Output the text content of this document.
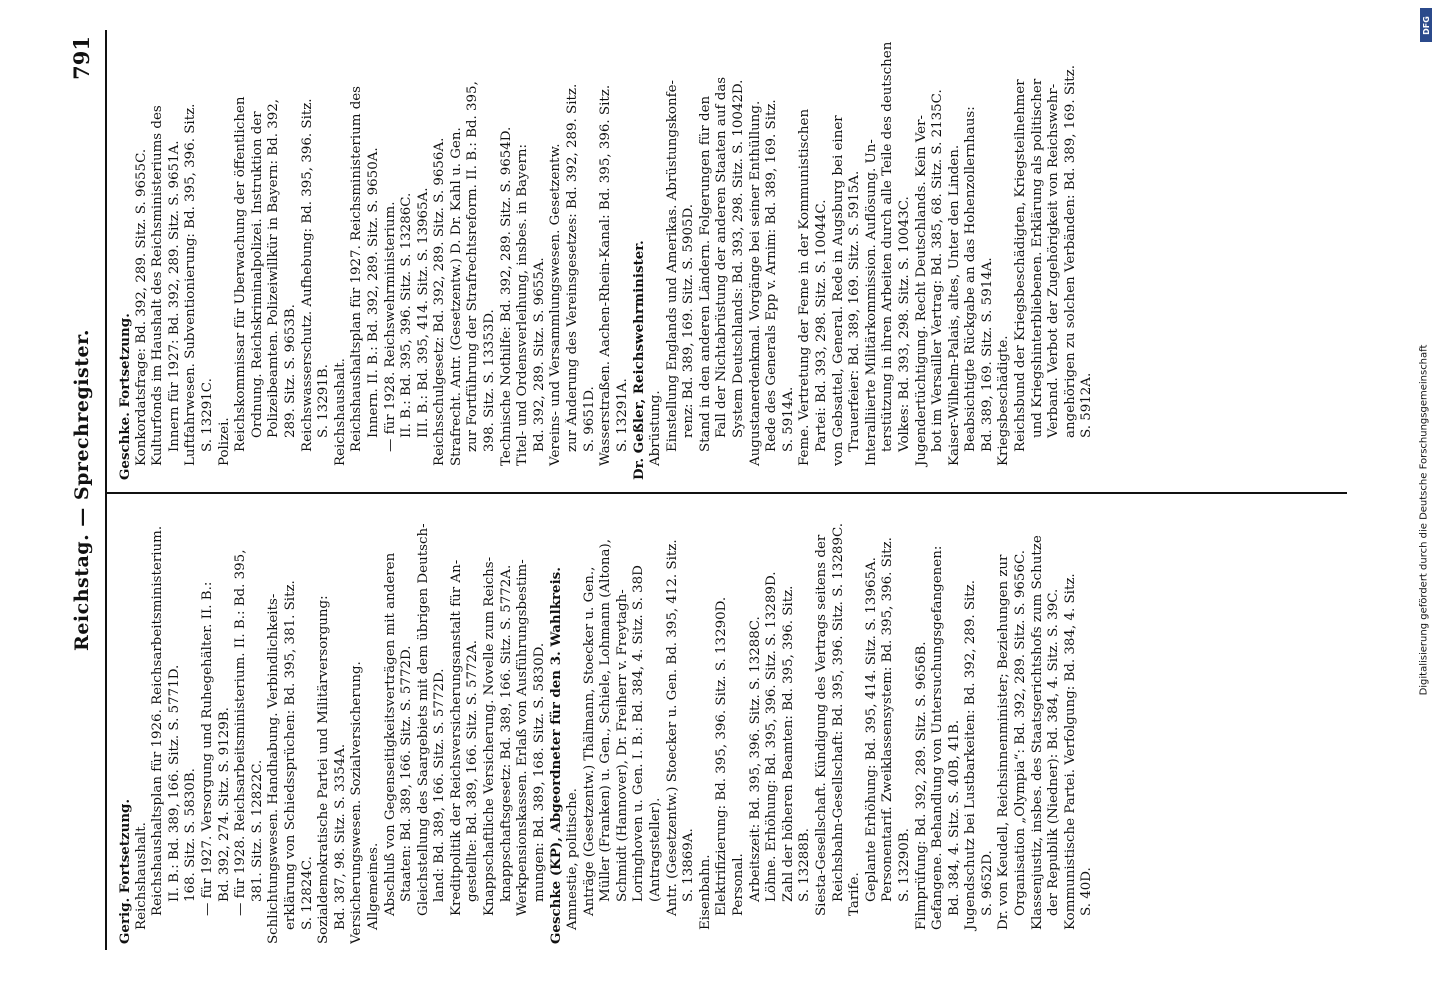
Reichstag. — Sprechregister.
791
Gerig. Fortsetzung. Reichshaushalt. Reichshaushaltsplan für 1926. Reichsarbeitsministerium. II. B.: Bd. 389, 166. Sitz. S. 5771D. 168. Sitz. S. 5830B. — für 1927. Versorgung und Ruhegehälter. II. B.: Bd. 392, 274. Sitz. S. 9129B. — für 1928. Reichsarbeitsministerium. II. B.: Bd. 395, 381. Sitz. S. 12822C. Schlichtungswesen. Handhabung. Verbindlichkeits- erklärung von Schiedssprüchen: Bd. 395, 381. Sitz. S. 12824C. Sozialdemokratische Partei und Militärversorgung: Bd. 387, 98. Sitz. S. 3354A. Versicherungswesen. Sozialversicherung. Allgemeines. Abschluß von Gegenseitigkeitsverträgen mit anderen Staaten: Bd. 389, 166. Sitz. S. 5772D. Gleichstellung des Saargebiets mit dem übrigen Deutsch- land: Bd. 389, 166. Sitz. S. 5772D. Kreditpolitik der Reichsversicherungsanstalt für An- gestellte: Bd. 389, 166. Sitz. S. 5772A. Knappschaftliche Versicherung. Novelle zum Reichs- knappschaftsgesetz: Bd. 389, 166. Sitz. S. 5772A. Werkpensionskassen. Erlaß von Ausführungsbestim- mungen: Bd. 389, 168. Sitz. S. 5830D. Geschke (KP), Abgeordneter für den 3. Wahlkreis. Amnestie, politische. Anträge (Gesetzentw.) Thälmann, Stoecker u. Gen., Müller (Franken) u. Gen., Schiele, Lohmann (Altona), Schmidt (Hannover), Dr. Freiherr v. Freytagh- Loringhoven u. Gen. I. B.: Bd. 384, 4. Sitz. S. 38D (Antragsteller). Antr. (Gesetzentw.) Stoecker u. Gen. Bd. 395, 412. Sitz. S. 13869A. Eisenbahn. Elektrifizierung: Bd. 395, 396. Sitz. S. 13290D. Personal. Arbeitszeit: Bd. 395, 396. Sitz. S. 13288C. Löhne. Erhöhung: Bd. 395, 396. Sitz. S. 13289D. Zahl der höheren Beamten: Bd. 395, 396. Sitz. S. 13288B. Siesta-Gesellschaft. Kündigung des Vertrags seitens der Reichsbahn-Gesellschaft: Bd. 395, 396. Sitz. S. 13289C. Tarife. Geplante Erhöhung: Bd. 395, 414. Sitz. S. 13965A. Personentarif. Zweiklassensystem: Bd. 395, 396. Sitz. S. 13290B. Filmprüfung: Bd. 392, 289. Sitz. S. 9656B. Gefangene. Behandlung von Untersuchungsgefangenen: Bd. 384, 4. Sitz. S. 40B, 41B. Jugendschutz bei Lustbarkeiten: Bd. 392, 289. Sitz. S. 9652D. Dr. von Keudell, Reichsinnenminister; Beziehungen zur Organisation „Olympia“: Bd. 392, 289. Sitz. S. 9656C. Klassenjustiz, insbes. des Staatsgerichtshofs zum Schutze der Republik (Niedner): Bd. 384, 4. Sitz. S. 39C. Kommunistische Partei. Verfolgung: Bd. 384, 4. Sitz. S. 40D.
Geschke. Fortsetzung. Konkordatsfrage: Bd. 392, 289. Sitz. S. 9655C. Kulturfonds im Haushalt des Reichsministeriums des Innern für 1927: Bd. 392, 289. Sitz. S. 9651A. Luftfahrwesen. Subventionierung: Bd. 395, 396. Sitz. S. 13291C. Polizei. Reichskommissar für Überwachung der öffentlichen Ordnung. Reichskriminalpolizei. Instruktion der Polizeibeamten. Polizeiwillkür in Bayern: Bd. 392, 289. Sitz. S. 9653B. Reichswasserschutz. Aufhebung: Bd. 395, 396. Sitz. S. 13291B. Reichshaushalt. Reichshaushaltsplan für 1927. Reichsministerium des Innern. II. B.: Bd. 392, 289. Sitz. S. 9650A. — für 1928. Reichswehrministerium. II. B.: Bd. 395, 396. Sitz. S. 13286C. III. B.: Bd. 395, 414. Sitz. S. 13965A. Reichsschulgesetz: Bd. 392, 289. Sitz. S. 9656A. Strafrecht. Antr. (Gesetzentw.) D. Dr. Kahl u. Gen. zur Fortführung der Strafrechtsreform. II. B.: Bd. 395, 398. Sitz. S. 13353D. Technische Nothilfe: Bd. 392, 289. Sitz. S. 9654D. Titel- und Ordensverleihung, insbes. in Bayern: Bd. 392, 289. Sitz. S. 9655A. Vereins- und Versammlungswesen. Gesetzentw. zur Änderung des Vereinsgesetzes: Bd. 392, 289. Sitz. S. 9651D. Wasserstraßen. Aachen-Rhein-Kanal: Bd. 395, 396. Sitz. S. 13291A. Dr. Geßler, Reichswehrminister. Abrüstung. Einstellung Englands und Amerikas. Abrüstungskonfe- renz: Bd. 389, 169. Sitz. S. 5905D. Stand in den anderen Ländern. Folgerungen für den Fall der Nichtabrüstung der anderen Staaten auf das System Deutschlands: Bd. 393, 298. Sitz. S. 10042D. Augustanerdenkmal. Vorgänge bei seiner Enthüllung. Rede des Generals Epp v. Arnim: Bd. 389, 169. Sitz. S. 5914A. Feme. Vertretung der Feme in der Kommunistischen Partei: Bd. 393, 298. Sitz. S. 10044C. von Gebsattel, General. Rede in Augsburg bei einer Trauerfeier: Bd. 389, 169. Sitz. S. 5915A. Interalliierte Militärkommission. Auflösung. Un- terstützung in ihren Arbeiten durch alle Teile des deutschen Volkes: Bd. 393, 298. Sitz. S. 10043C. Jugendertüchtigung. Recht Deutschlands. Kein Ver- bot im Versailler Vertrag: Bd. 385, 68. Sitz. S. 2135C. Kaiser-Wilhelm-Palais, altes, Unter den Linden. Beabsichtigte Rückgabe an das Hohenzollernhaus: Bd. 389, 169. Sitz. S. 5914A. Kriegsbeschädigte. Reichsbund der Kriegsbeschädigten, Kriegsteilnehmer und Kriegshinterbliebenen. Erklärung als politischer Verband. Verbot der Zugehörigkeit von Reichswehr- angehörigen zu solchen Verbänden: Bd. 389, 169. Sitz. S. 5912A.
DFG
Digitalisierung gefördert durch die Deutsche Forschungsgemeinschaft
